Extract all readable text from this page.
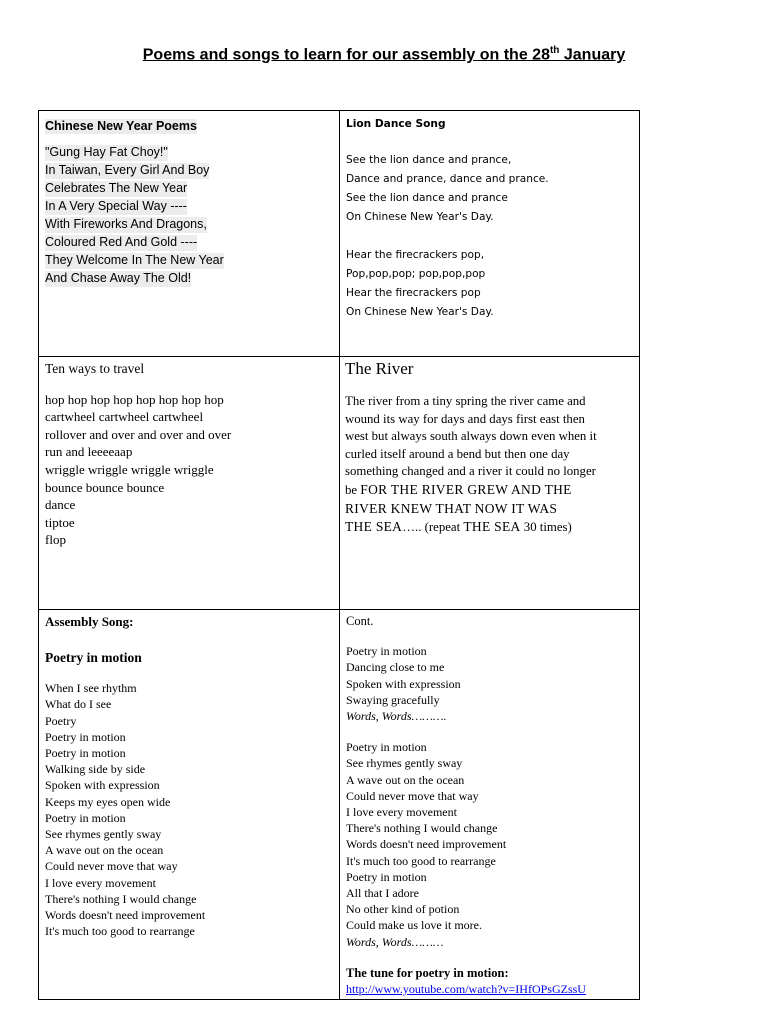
Poems and songs to learn for our assembly on the 28th January
Chinese New Year Poems
"Gung Hay Fat Choy!"
In Taiwan, Every Girl And Boy
Celebrates The New Year
In A Very Special Way ----
With Fireworks And Dragons,
Coloured Red And Gold ----
They Welcome In The New Year
And Chase Away The Old!
Lion Dance Song
See the lion dance and prance,
Dance and prance, dance and prance.
See the lion dance and prance
On Chinese New Year's Day.
Hear the firecrackers pop,
Pop,pop,pop; pop,pop,pop
Hear the firecrackers pop
On Chinese New Year's Day.
Ten ways to travel
hop hop hop hop hop hop hop hop
cartwheel cartwheel cartwheel
rollover and over and over and over
run and leeeeaap
wriggle wriggle wriggle wriggle
bounce bounce bounce
dance
tiptoe
flop
The River

The river from a tiny spring the river came and

wound its way for days and days first east then

west but always south always down even when it

curled itself around a bend but then one day

something changed and a river it could no longer

be FOR THE RIVER GREW AND THE

RIVER KNEW THAT NOW IT WAS

THE SEA….. (repeat THE SEA 30 times)

Assembly Song:
Poetry in motion
When I see rhythm
What do I see
Poetry
Poetry in motion
Poetry in motion
Walking side by side
Spoken with expression
Keeps my eyes open wide
Poetry in motion
See rhymes gently sway
A wave out on the ocean
Could never move that way
I love every movement
There's nothing I would change
Words doesn't need improvement
It's much too good to rearrange
Cont.
Poetry in motion
Dancing close to me
Spoken with expression
Swaying gracefully
Words, Words……….
Poetry in motion
See rhymes gently sway
A wave out on the ocean
Could never move that way
I love every movement
There's nothing I would change
Words doesn't need improvement
It's much too good to rearrange
Poetry in motion
All that I adore
No other kind of potion
Could make us love it more.
Words, Words………
The tune for poetry in motion:
http://www.youtube.com/watch?v=IHfOPsGZssU
